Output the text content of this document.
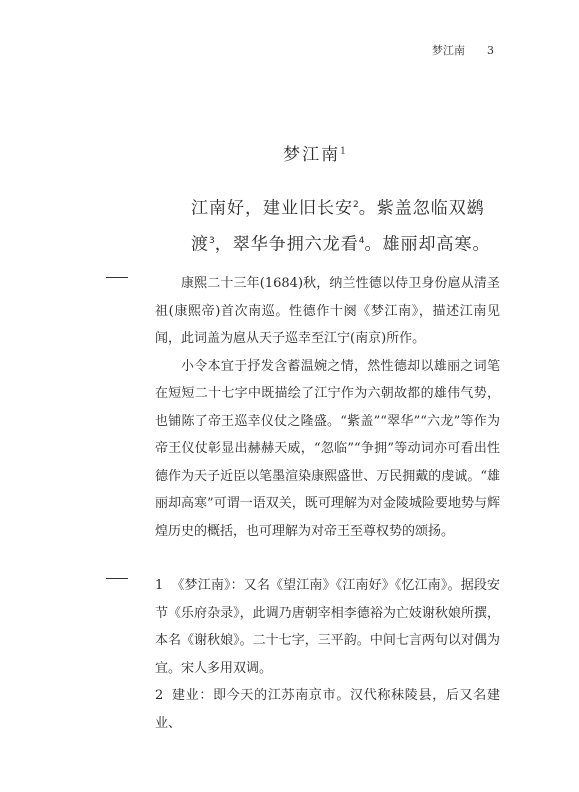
梦江南 3
梦江南$^1$
江南好，建业旧长安$^2$。紫盖忽临双鹚
渡$^3$，翠华争拥六龙看$^4$。雄丽却高寒。

康熙二十三年(1684)秋，纳兰性德以侍卫身份扈从清圣祖(康熙帝)首次南巡。性德作十阕《梦江南》，描述江南见闻，此词盖为扈从天子巡幸至江宁(南京)所作。

小令本宜于抒发含蓄温婉之情，然性德却以雄丽之词笔在短短二十七字中既描绘了江宁作为六朝故都的雄伟气势，也铺陈了帝王巡幸仪仗之隆盛。“紫盖”“翠华”“六龙”等作为帝王仪仗彰显出赫赫天威，“忽临”“争拥”等动词亦可看出性德作为天子近臣以笔墨渲染康熙盛世、万民拥戴的虔诚。“雄丽却高寒”可谓一语双关，既可理解为对金陵城险要地势与辉煌历史的概括，也可理解为对帝王至尊权势的颂扬。

1 《梦江南》：又名《望江南》《江南好》《忆江南》。据段安节《乐府杂录》，此调乃唐朝宰相李德裕为亡妓谢秋娘所撰，本名《谢秋娘》。二十七字，三平韵。中间七言两句以对偶为宜。宋人多用双调。

2 建业：即今天的江苏南京市。汉代称秣陵县，后又名建业、
